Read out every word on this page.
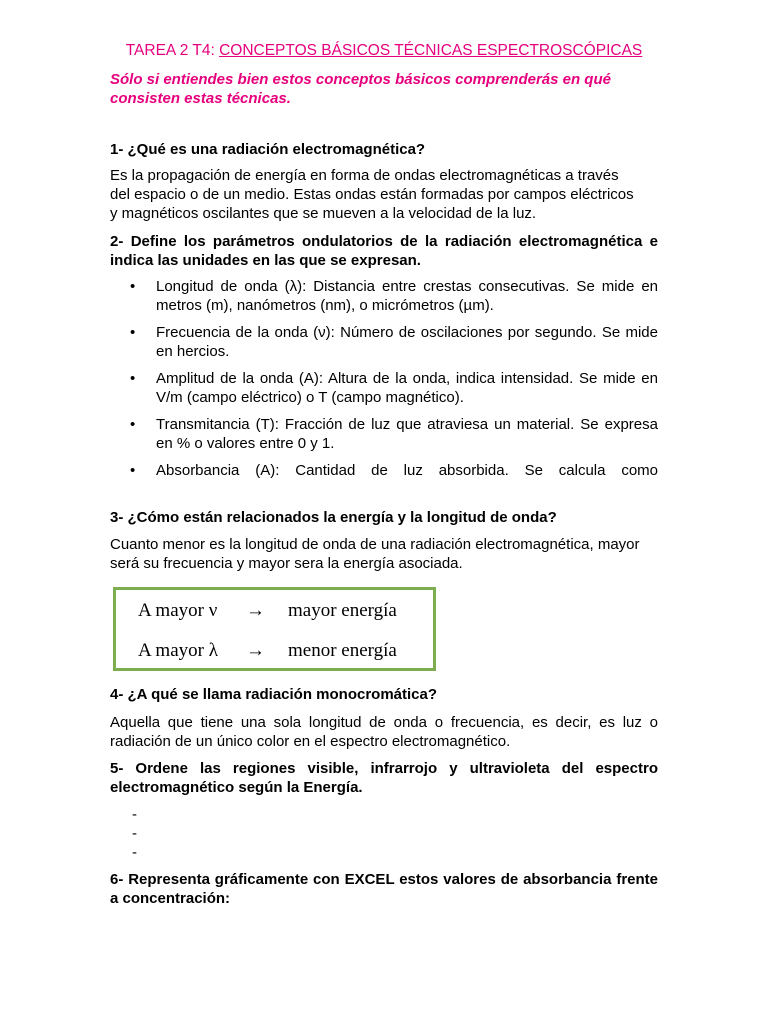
TAREA 2 T4: CONCEPTOS BÁSICOS TÉCNICAS ESPECTROSCÓPICAS
Sólo si entiendes bien estos conceptos básicos comprenderás en qué consisten estas técnicas.
1- ¿Qué es una radiación electromagnética?
Es la propagación de energía en forma de ondas electromagnéticas a través
del espacio o de un medio. Estas ondas están formadas por campos eléctricos
y magnéticos oscilantes que se mueven a la velocidad de la luz.
2- Define los parámetros ondulatorios de la radiación electromagnética e indica las unidades en las que se expresan.
• Longitud de onda (λ): Distancia entre crestas consecutivas. Se mide en metros (m), nanómetros (nm), o micrómetros (µm).
• Frecuencia de la onda (ν): Número de oscilaciones por segundo. Se mide en hercios.
• Amplitud de la onda (A): Altura de la onda, indica intensidad. Se mide en V/m (campo eléctrico) o T (campo magnético).
• Transmitancia (T): Fracción de luz que atraviesa un material. Se expresa en % o valores entre 0 y 1.
• Absorbancia (A): Cantidad de luz absorbida. Se calcula como
3- ¿Cómo están relacionados la energía y la longitud de onda?
Cuanto menor es la longitud de onda de una radiación electromagnética, mayor será su frecuencia y mayor sera la energía asociada.
A mayor ν → mayor energía
A mayor λ → menor energía
4- ¿A qué se llama radiación monocromática?
Aquella que tiene una sola longitud de onda o frecuencia, es decir, es luz o radiación de un único color en el espectro electromagnético.
5- Ordene las regiones visible, infrarrojo y ultravioleta del espectro electromagnético según la Energía.
-
-
-
6- Representa gráficamente con EXCEL estos valores de absorbancia frente a concentración:
